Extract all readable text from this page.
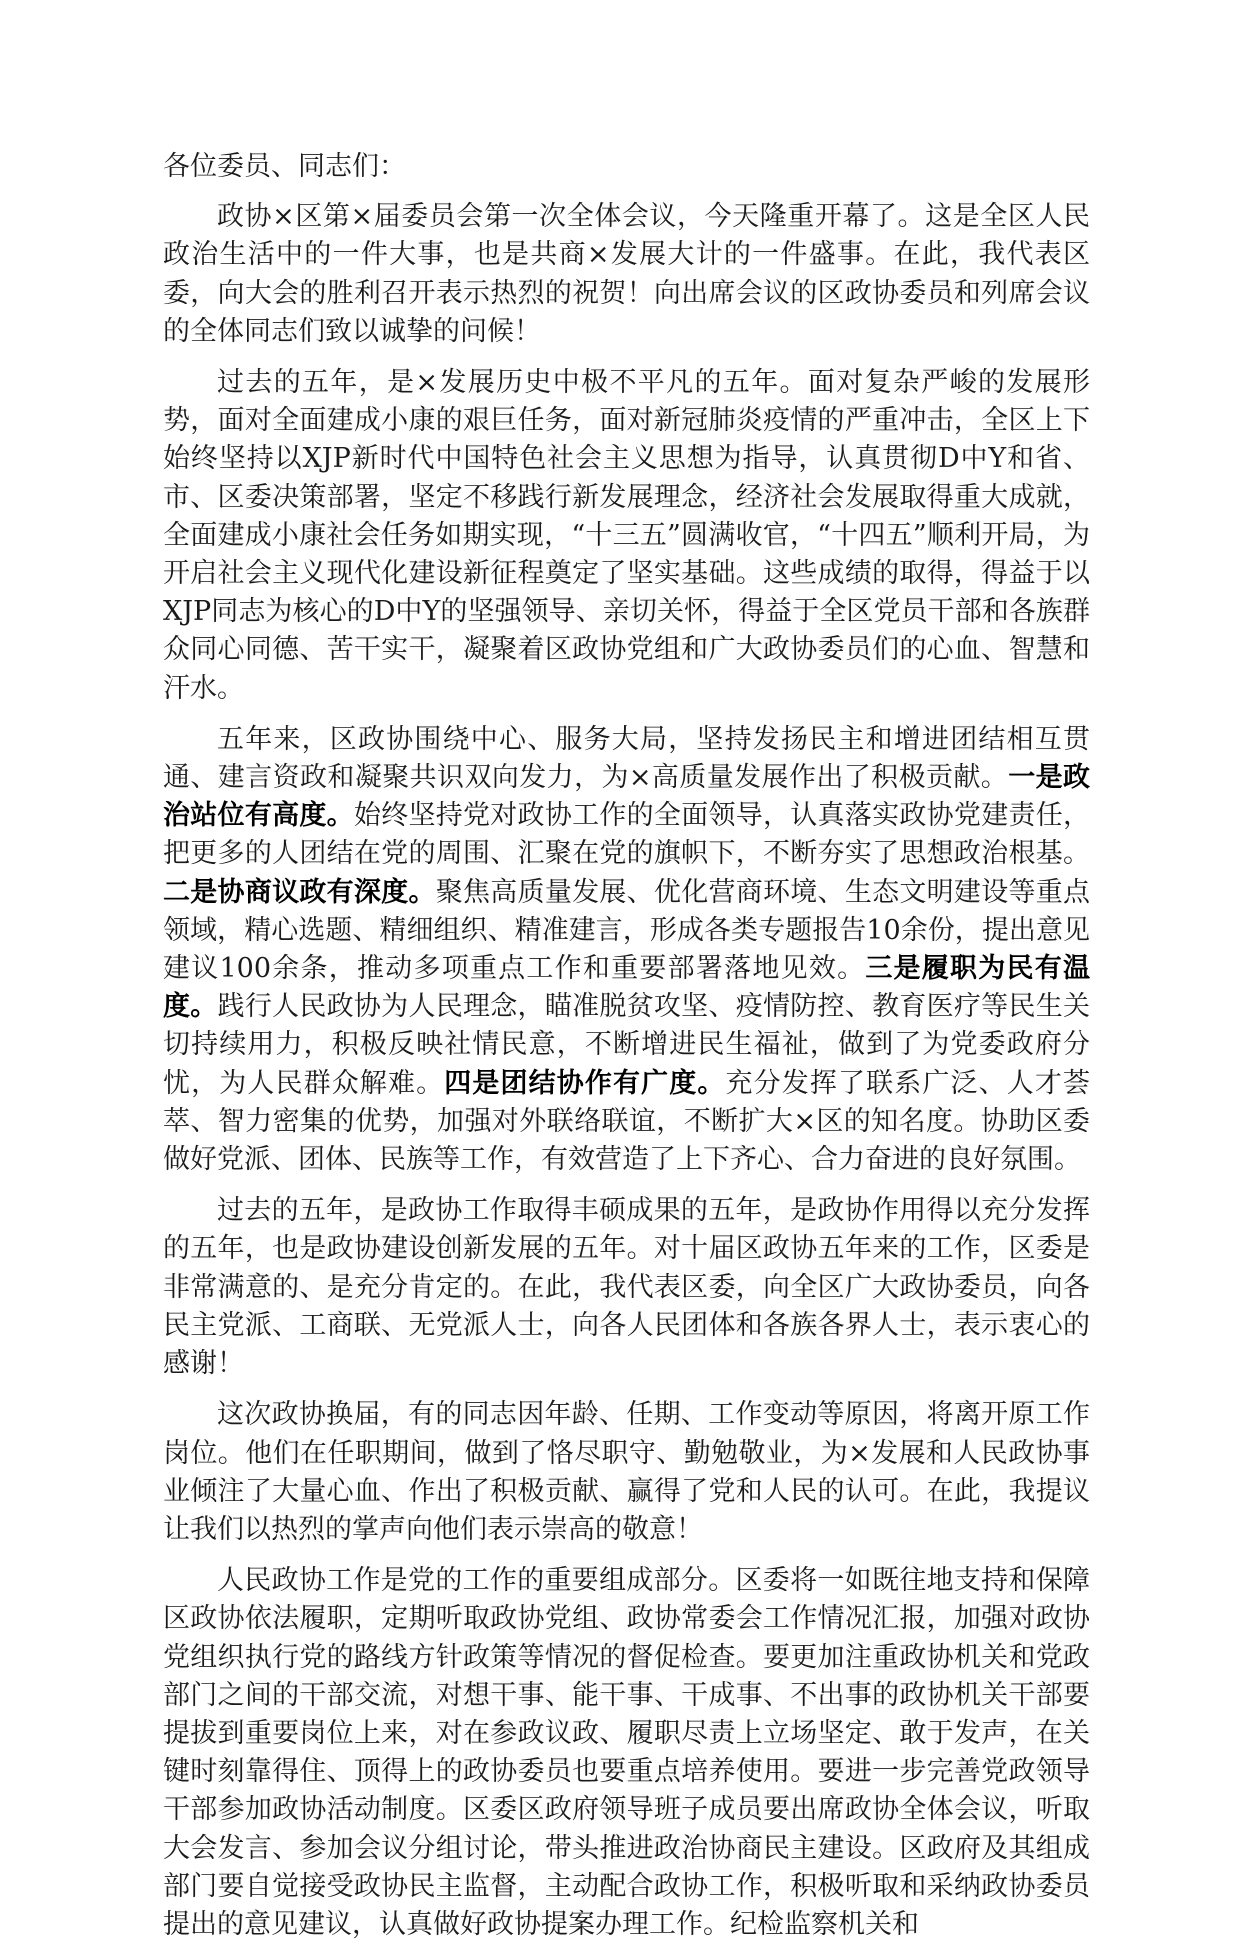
各位委员、同志们：

政协×区第×届委员会第一次全体会议，今天隆重开幕了。这是全区人民政治生活中的一件大事，也是共商×发展大计的一件盛事。在此，我代表区委，向大会的胜利召开表示热烈的祝贺！向出席会议的区政协委员和列席会议的全体同志们致以诚挚的问候！

过去的五年，是×发展历史中极不平凡的五年。面对复杂严峻的发展形势，面对全面建成小康的艰巨任务，面对新冠肺炎疫情的严重冲击，全区上下始终坚持以XJP新时代中国特色社会主义思想为指导，认真贯彻D中Y和省、市、区委决策部署，坚定不移践行新发展理念，经济社会发展取得重大成就，全面建成小康社会任务如期实现，“十三五”圆满收官，“十四五”顺利开局，为开启社会主义现代化建设新征程奠定了坚实基础。这些成绩的取得，得益于以XJP同志为核心的D中Y的坚强领导、亲切关怀，得益于全区党员干部和各族群众同心同德、苦干实干，凝聚着区政协党组和广大政协委员们的心血、智慧和汗水。

五年来，区政协围绕中心、服务大局，坚持发扬民主和增进团结相互贯通、建言资政和凝聚共识双向发力，为×高质量发展作出了积极贡献。一是政治站位有高度。始终坚持党对政协工作的全面领导，认真落实政协党建责任，把更多的人团结在党的周围、汇聚在党的旗帜下，不断夯实了思想政治根基。二是协商议政有深度。聚焦高质量发展、优化营商环境、生态文明建设等重点领域，精心选题、精细组织、精准建言，形成各类专题报告10余份，提出意见建议100余条，推动多项重点工作和重要部署落地见效。三是履职为民有温度。践行人民政协为人民理念，瞄准脱贫攻坚、疫情防控、教育医疗等民生关切持续用力，积极反映社情民意，不断增进民生福祉，做到了为党委政府分忧，为人民群众解难。四是团结协作有广度。充分发挥了联系广泛、人才荟萃、智力密集的优势，加强对外联络联谊，不断扩大×区的知名度。协助区委做好党派、团体、民族等工作，有效营造了上下齐心、合力奋进的良好氛围。

过去的五年，是政协工作取得丰硕成果的五年，是政协作用得以充分发挥的五年，也是政协建设创新发展的五年。对十届区政协五年来的工作，区委是非常满意的、是充分肯定的。在此，我代表区委，向全区广大政协委员，向各民主党派、工商联、无党派人士，向各人民团体和各族各界人士，表示衷心的感谢！

这次政协换届，有的同志因年龄、任期、工作变动等原因，将离开原工作岗位。他们在任职期间，做到了恪尽职守、勤勉敬业，为×发展和人民政协事业倾注了大量心血、作出了积极贡献、赢得了党和人民的认可。在此，我提议让我们以热烈的掌声向他们表示崇高的敬意！

人民政协工作是党的工作的重要组成部分。区委将一如既往地支持和保障区政协依法履职，定期听取政协党组、政协常委会工作情况汇报，加强对政协党组织执行党的路线方针政策等情况的督促检查。要更加注重政协机关和党政部门之间的干部交流，对想干事、能干事、干成事、不出事的政协机关干部要提拔到重要岗位上来，对在参政议政、履职尽责上立场坚定、敢于发声，在关键时刻靠得住、顶得上的政协委员也要重点培养使用。要进一步完善党政领导干部参加政协活动制度。区委区政府领导班子成员要出席政协全体会议，听取大会发言、参加会议分组讨论，带头推进政治协商民主建设。区政府及其组成部门要自觉接受政协民主监督，主动配合政协工作，积极听取和采纳政协委员提出的意见建议，认真做好政协提案办理工作。纪检监察机关和
